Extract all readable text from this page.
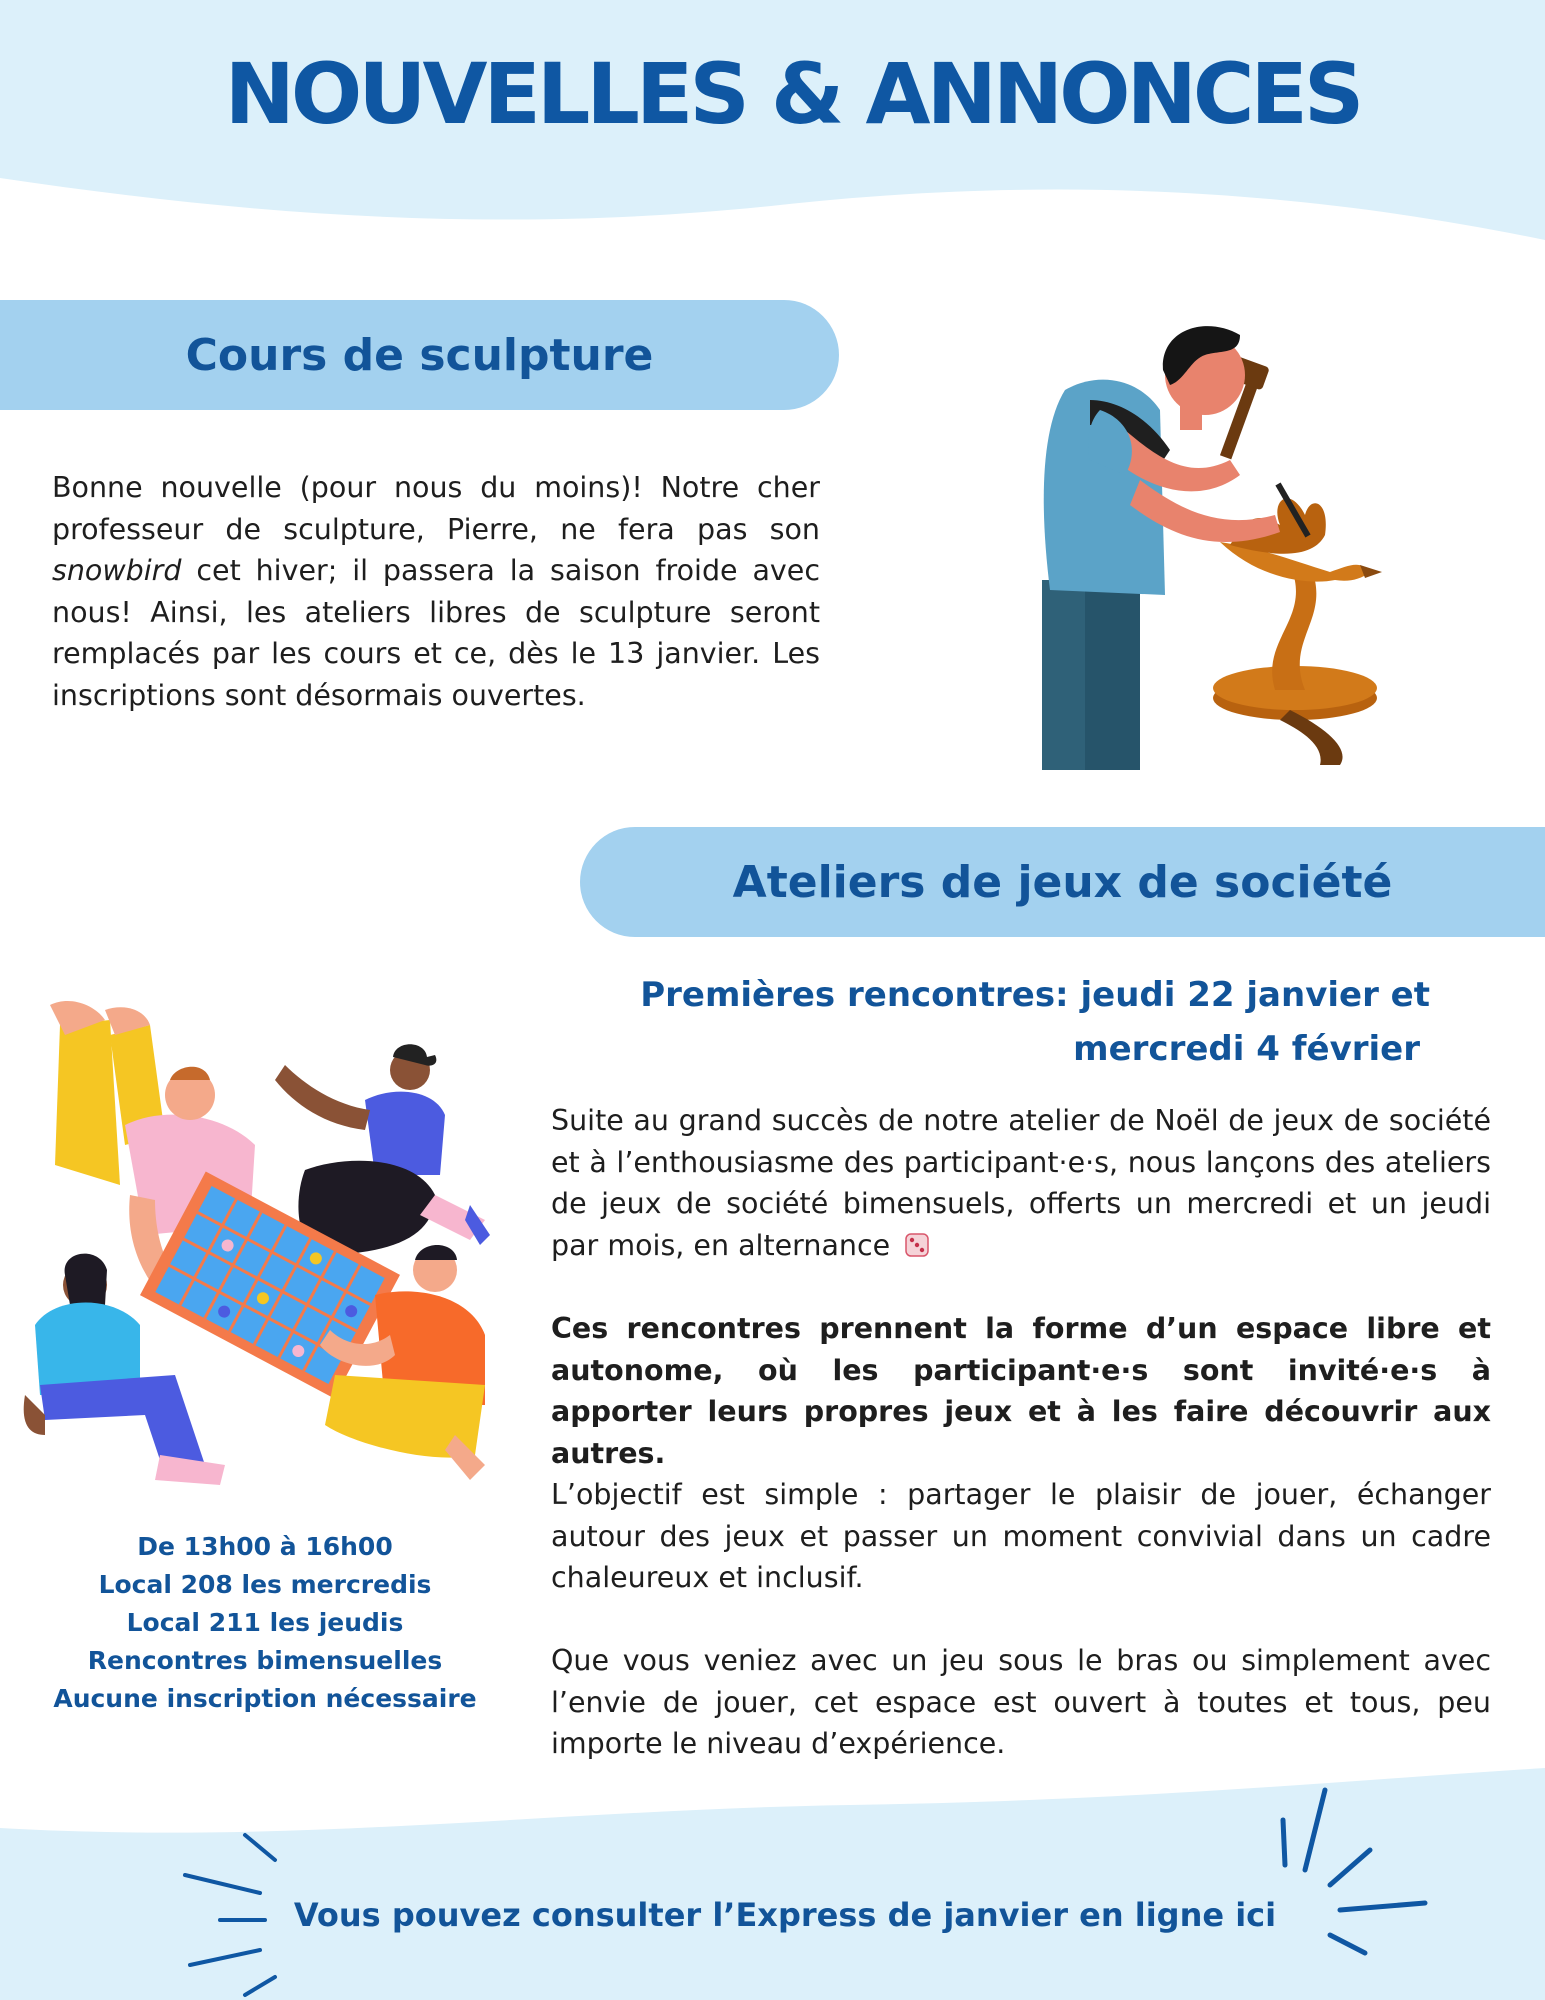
NOUVELLES & ANNONCES
Cours de sculpture
Bonne nouvelle (pour nous du moins)! Notre cher professeur de sculpture, Pierre, ne fera pas son snowbird cet hiver; il passera la saison froide avec nous! Ainsi, les ateliers libres de sculpture seront remplacés par les cours et ce, dès le 13 janvier. Les inscriptions sont désormais ouvertes.
Ateliers de jeux de société
Premières rencontres: jeudi 22 janvier et
mercredi 4 février

Suite au grand succès de notre atelier de Noël de jeux de société et à l’enthousiasme des participant·e·s, nous lançons des ateliers de jeux de société bimensuels, offerts un mercredi et un jeudi par mois, en alternance

Ces rencontres prennent la forme d’un espace libre et autonome, où les participant·e·s sont invité·e·s à apporter leurs propres jeux et à les faire découvrir aux autres.

L’objectif est simple : partager le plaisir de jouer, échanger autour des jeux et passer un moment convivial dans un cadre chaleureux et inclusif.

Que vous veniez avec un jeu sous le bras ou simplement avec l’envie de jouer, cet espace est ouvert à toutes et tous, peu importe le niveau d’expérience.

De 13h00 à 16h00
Local 208 les mercredis
Local 211 les jeudis
Rencontres bimensuelles
Aucune inscription nécessaire
Vous pouvez consulter l’Express de janvier en ligne ici
